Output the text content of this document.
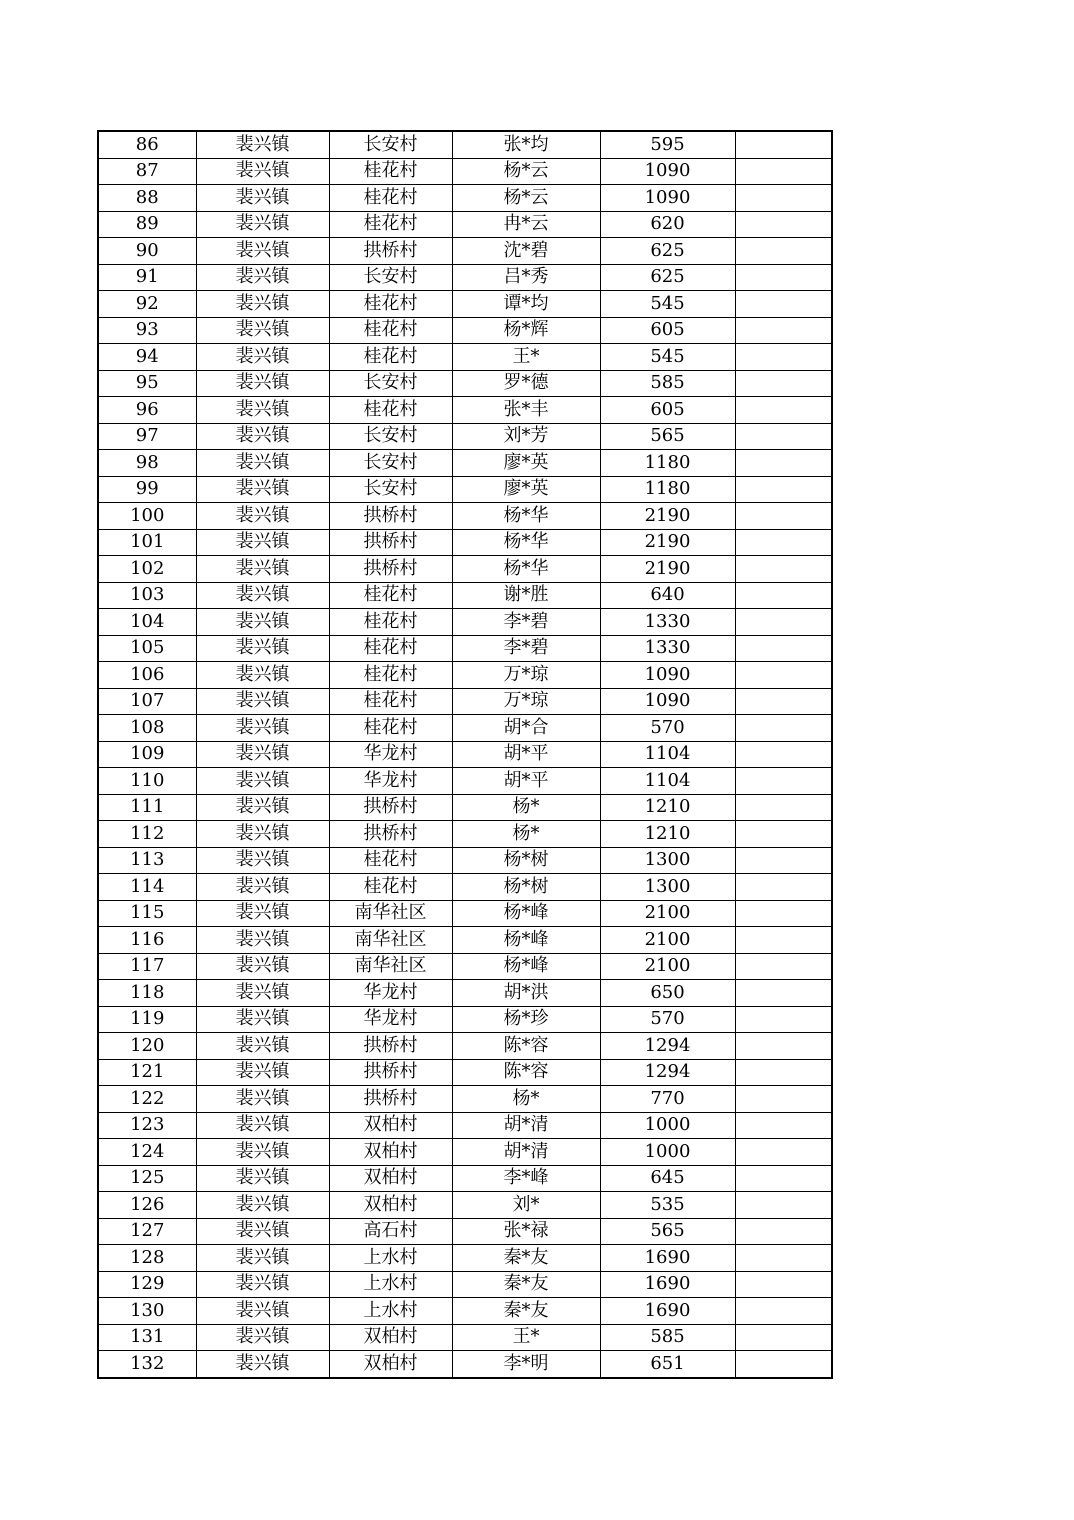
86	裴兴镇	长安村	张*均	595	
87	裴兴镇	桂花村	杨*云	1090	
88	裴兴镇	桂花村	杨*云	1090	
89	裴兴镇	桂花村	冉*云	620	
90	裴兴镇	拱桥村	沈*碧	625	
91	裴兴镇	长安村	吕*秀	625	
92	裴兴镇	桂花村	谭*均	545	
93	裴兴镇	桂花村	杨*辉	605	
94	裴兴镇	桂花村	王*	545	
95	裴兴镇	长安村	罗*德	585	
96	裴兴镇	桂花村	张*丰	605	
97	裴兴镇	长安村	刘*芳	565	
98	裴兴镇	长安村	廖*英	1180	
99	裴兴镇	长安村	廖*英	1180	
100	裴兴镇	拱桥村	杨*华	2190	
101	裴兴镇	拱桥村	杨*华	2190	
102	裴兴镇	拱桥村	杨*华	2190	
103	裴兴镇	桂花村	谢*胜	640	
104	裴兴镇	桂花村	李*碧	1330	
105	裴兴镇	桂花村	李*碧	1330	
106	裴兴镇	桂花村	万*琼	1090	
107	裴兴镇	桂花村	万*琼	1090	
108	裴兴镇	桂花村	胡*合	570	
109	裴兴镇	华龙村	胡*平	1104	
110	裴兴镇	华龙村	胡*平	1104	
111	裴兴镇	拱桥村	杨*	1210	
112	裴兴镇	拱桥村	杨*	1210	
113	裴兴镇	桂花村	杨*树	1300	
114	裴兴镇	桂花村	杨*树	1300	
115	裴兴镇	南华社区	杨*峰	2100	
116	裴兴镇	南华社区	杨*峰	2100	
117	裴兴镇	南华社区	杨*峰	2100	
118	裴兴镇	华龙村	胡*洪	650	
119	裴兴镇	华龙村	杨*珍	570	
120	裴兴镇	拱桥村	陈*容	1294	
121	裴兴镇	拱桥村	陈*容	1294	
122	裴兴镇	拱桥村	杨*	770	
123	裴兴镇	双柏村	胡*清	1000	
124	裴兴镇	双柏村	胡*清	1000	
125	裴兴镇	双柏村	李*峰	645	
126	裴兴镇	双柏村	刘*	535	
127	裴兴镇	高石村	张*禄	565	
128	裴兴镇	上水村	秦*友	1690	
129	裴兴镇	上水村	秦*友	1690	
130	裴兴镇	上水村	秦*友	1690	
131	裴兴镇	双柏村	王*	585	
132	裴兴镇	双柏村	李*明	651	
